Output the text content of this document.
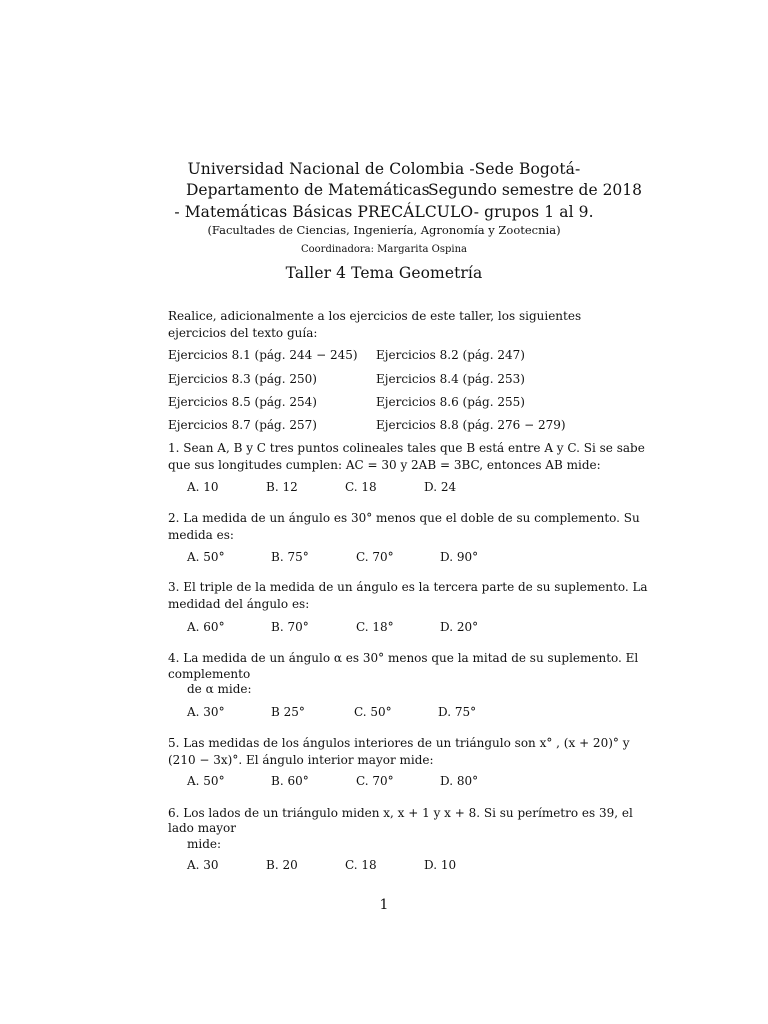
Universidad Nacional de Colombia -Sede Bogotá-
Departamento de Matemáticas
Segundo semestre de 2018
- Matemáticas Básicas PRECÁLCULO- grupos 1 al 9.
(Facultades de Ciencias, Ingeniería, Agronomía y Zootecnia)
Coordinadora: Margarita Ospina
Taller 4 Tema Geometría
Realice, adicionalmente a los ejercicios de este taller, los siguientes ejercicios del texto guía:
Ejercicios 8.1 (pág. 244 − 245) Ejercicios 8.2 (pág. 247)
Ejercicios 8.3 (pág. 250)	Ejercicios 8.4 (pág. 253)
Ejercicios 8.5 (pág. 254)	Ejercicios 8.6 (pág. 255)
Ejercicios 8.7 (pág. 257)	Ejercicios 8.8 (pág. 276 − 279)
1. Sean A, B y C tres puntos colineales tales que B está entre A y C. Si se sabe
que sus longitudes cumplen: AC = 30 y 2AB = 3BC, entonces AB mide:
A. 10	B. 12	C. 18	D. 24
2. La medida de un ángulo es 30° menos que el doble de su complemento. Su
medida es:
A. 50°	B. 75°	C. 70°	D. 90°
3. El triple de la medida de un ángulo es la tercera parte de su suplemento. La
medidad del ángulo es:
A. 60°	B. 70°	C. 18°	D. 20°
4. La medida de un ángulo α es 30° menos que la mitad de su suplemento. El
complemento
de α mide:
A. 30°	B 25°	C. 50°	D. 75°
5. Las medidas de los ángulos interiores de un triángulo son x° , (x + 20)° y
(210 − 3x)°. El ángulo interior mayor mide:
A. 50°	B. 60°	C. 70°	D. 80°
6. Los lados de un triángulo miden x, x + 1 y x + 8. Si su perímetro es 39, el
lado mayor
mide:
A. 30	B. 20	C. 18	D. 10
1
